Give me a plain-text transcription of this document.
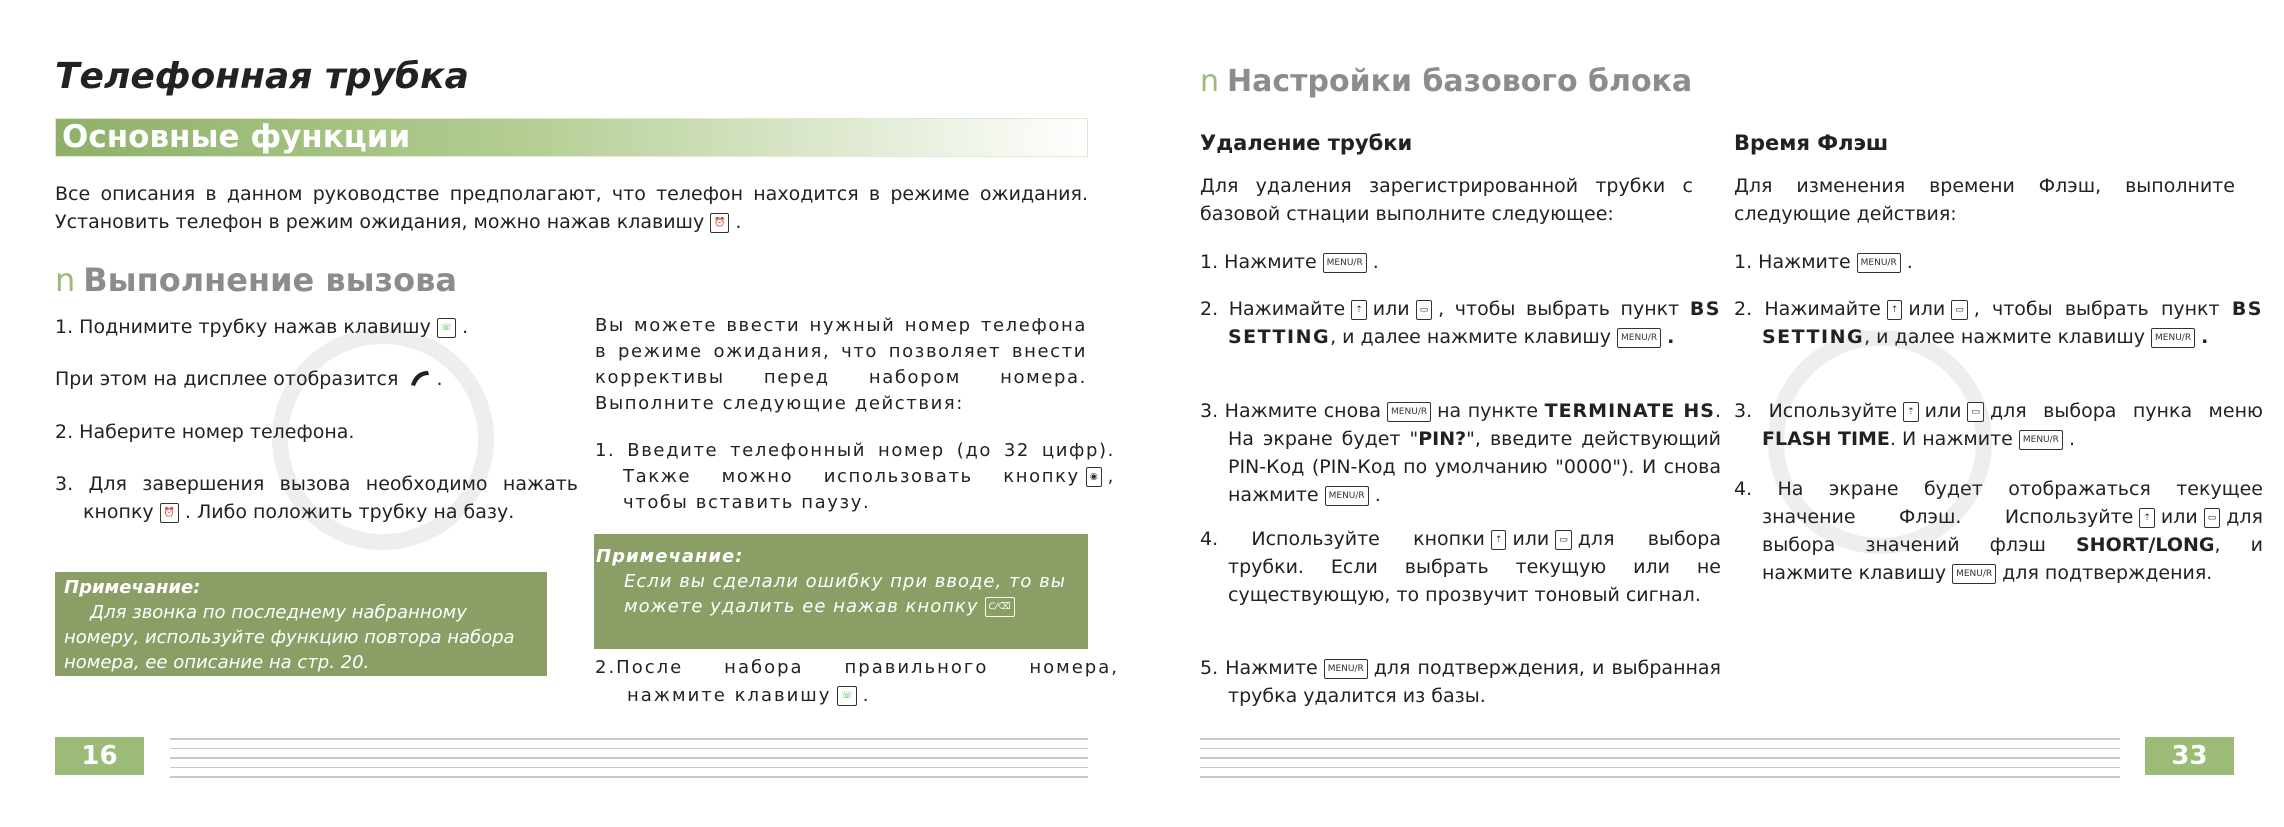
Телефонная трубка
Основные функции

Все описания в данном руководстве предполагают, что телефон находится в режиме ожидания. Установить телефон в режим ожидания, можно нажав клавишу ⏰ .

n Выполнение вызова

1. Поднимите трубку нажав клавишу ☏ .

При этом на дисплее отобразится .

2. Наберите номер телефона.

3. Для завершения вызова необходимо нажать кнопку ⏰ . Либо положить трубку на базу.

Примечание:
Для звонка по последнему набранному номеру, используйте функцию повтора набора номера, ее описание на стр. 20.

Вы можете ввести нужный номер телефона в режиме ожидания, что позволяет внести коррективы перед набором номера. Выполните следующие действия:

1. Введите телефонный номер (до 32 цифр). Также можно использовать кнопку ◉ , чтобы вставить паузу.

Примечание:
Если вы сделали ошибку при вводе, то вы можете удалить ее нажав кнопку C/⌫

2.После набора правильного номера, нажмите клавишу ☏ .

16
n Настройки базового блока
Удаление трубки

Для удаления зарегистрированной трубки с базовой стнации выполните следующее:

1. Нажмите MENU/R .

2. Нажимайте ⇡ или ▭ , чтобы выбрать пункт BS SETTING, и далее нажмите клавишу MENU/R .

3. Нажмите снова MENU/R на пункте TERMINATE HS. На экране будет "PIN?", введите действующий PIN-Код (PIN-Код по умолчанию "0000"). И снова нажмите MENU/R .

4. Используйте кнопки ⇡ или ▭ для выбора трубки. Если выбрать текущую или не существующую, то прозвучит тоновый сигнал.

5. Нажмите MENU/R для подтверждения, и выбранная трубка удалится из базы.

Время Флэш

Для изменения времени Флэш, выполните следующие действия:

1. Нажмите MENU/R .

2. Нажимайте ⇡ или ▭ , чтобы выбрать пункт BS SETTING, и далее нажмите клавишу MENU/R .

3. Используйте ⇡ или ▭ для выбора пунка меню FLASH TIME. И нажмите MENU/R .

4. На экране будет отображаться текущее значение Флэш. Используйте ⇡ или ▭ для выбора значений флэш SHORT/LONG, и нажмите клавишу MENU/R для подтверждения.

33
